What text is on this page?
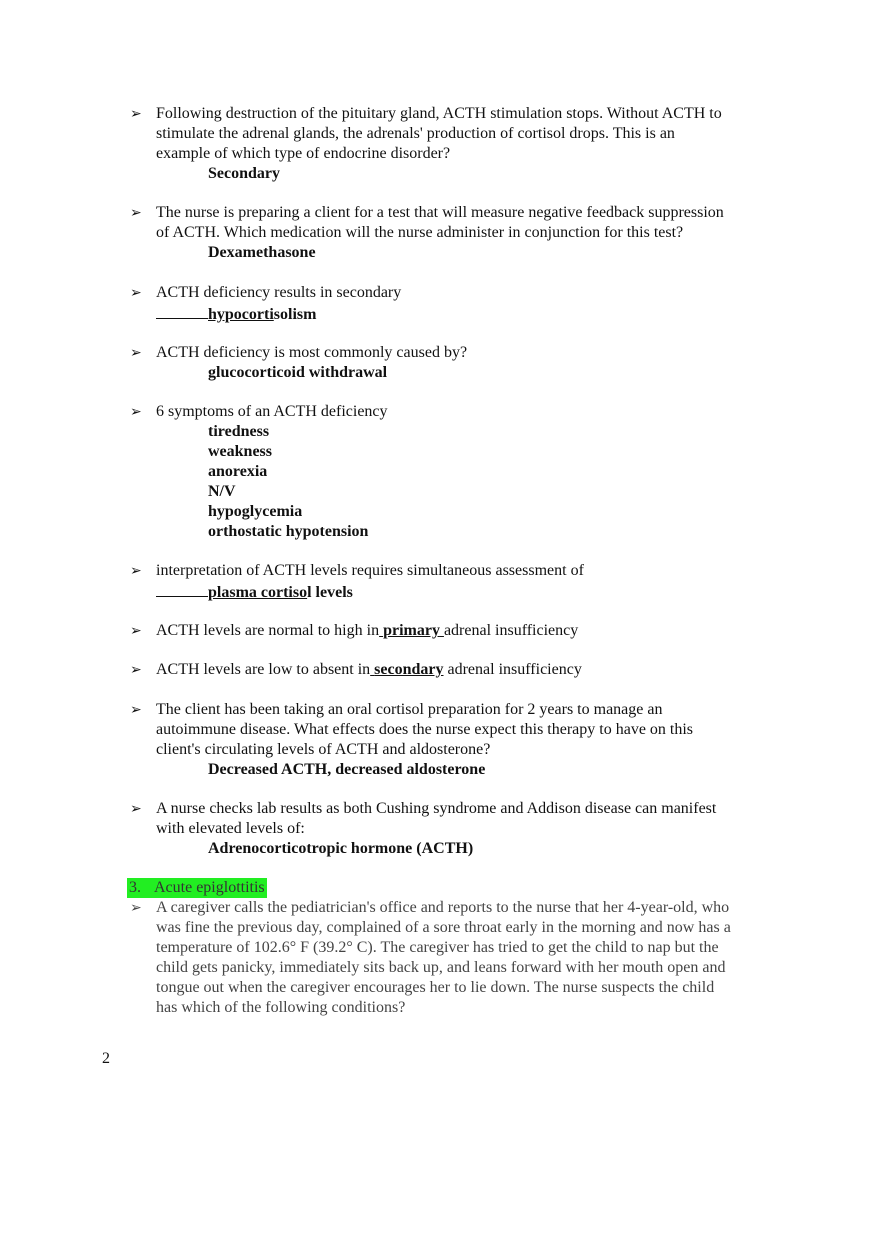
➢ Following destruction of the pituitary gland, ACTH stimulation stops. Without ACTH to
stimulate the adrenal glands, the adrenals' production of cortisol drops. This is an
example of which type of endocrine disorder?
Secondary
➢ The nurse is preparing a client for a test that will measure negative feedback suppression
of ACTH. Which medication will the nurse administer in conjunction for this test?
Dexamethasone
➢ ACTH deficiency results in secondary
hypocortisolism
➢ ACTH deficiency is most commonly caused by?
glucocorticoid withdrawal
➢ 6 symptoms of an ACTH deficiency
tiredness
weakness
anorexia
N/V
hypoglycemia
orthostatic hypotension
➢ interpretation of ACTH levels requires simultaneous assessment of
plasma cortisol levels
➢ ACTH levels are normal to high in primary adrenal insufficiency
➢ ACTH levels are low to absent in secondary adrenal insufficiency
➢ The client has been taking an oral cortisol preparation for 2 years to manage an
autoimmune disease. What effects does the nurse expect this therapy to have on this
client's circulating levels of ACTH and aldosterone?
Decreased ACTH, decreased aldosterone
➢ A nurse checks lab results as both Cushing syndrome and Addison disease can manifest
with elevated levels of:
Adrenocorticotropic hormone (ACTH)
3. Acute epiglottitis
➢ A caregiver calls the pediatrician's office and reports to the nurse that her 4-year-old, who
was fine the previous day, complained of a sore throat early in the morning and now has a
temperature of 102.6° F (39.2° C). The caregiver has tried to get the child to nap but the
child gets panicky, immediately sits back up, and leans forward with her mouth open and
tongue out when the caregiver encourages her to lie down. The nurse suspects the child
has which of the following conditions?
2
